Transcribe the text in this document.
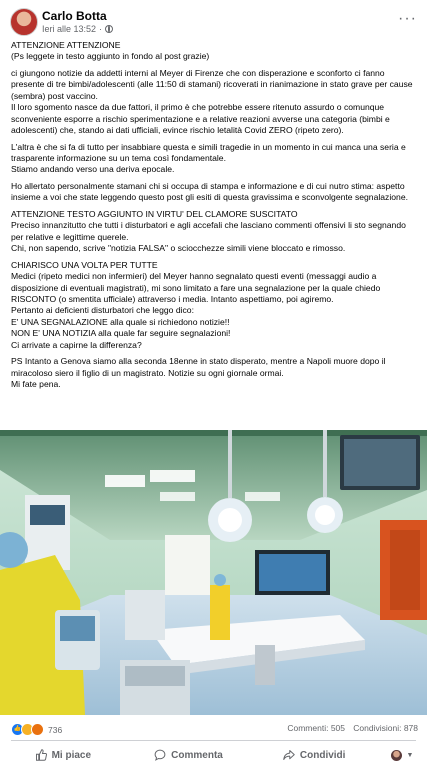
Carlo Botta
Ieri alle 13:52 ·
···

ATTENZIONE ATTENZIONE
(Ps leggete in testo aggiunto in fondo al post grazie)

ci giungono notizie da addetti interni al Meyer di Firenze che con disperazione e sconforto ci fanno presente di tre bimbi/adolescenti (alle 11:50 di stamani) ricoverati in rianimazione in stato grave per cause (sembra) post vaccino.
Il loro sgomento nasce da due fattori, il primo è che potrebbe essere ritenuto assurdo o comunque sconveniente esporre a rischio sperimentazione e a relative reazioni avverse una categoria (bimbi e adolescenti) che, stando ai dati ufficiali, evince rischio letalità Covid ZERO (ripeto zero).

L'altra è che si fa di tutto per insabbiare questa e simili tragedie in un momento in cui manca una seria e trasparente informazione su un tema così fondamentale.
Stiamo andando verso una deriva epocale.

Ho allertato personalmente stamani chi si occupa di stampa e informazione e di cui nutro stima: aspetto insieme a voi che state leggendo questo post gli esiti di questa gravissima e sconvolgente segnalazione.

ATTENZIONE TESTO AGGIUNTO IN VIRTU' DEL CLAMORE SUSCITATO
Preciso innanzitutto che tutti i disturbatori e agli accefali che lasciano commenti offensivi li sto segnando per relative e legittime querele.
Chi, non sapendo, scrive "notizia FALSA" o sciocchezze simili viene bloccato e rimosso.

CHIARISCO UNA VOLTA PER TUTTE
Medici (ripeto medici non infermieri) del Meyer hanno segnalato questi eventi (messaggi audio a disposizione di eventuali magistrati), mi sono limitato a fare una segnalazione per la quale chiedo RISCONTO (o smentita ufficiale) attraverso i media. Intanto aspettiamo, poi agiremo.
Pertanto ai deficienti disturbatori che leggo dico:
E' UNA SEGNALAZIONE alla quale si richiedono notizie!!
NON E' UNA NOTIZIA alla quale far seguire segnalazioni!
Ci arrivate a capirne la differenza?

PS Intanto a Genova siamo alla seconda 18enne in stato disperato, mentre a Napoli muore dopo il miracoloso siero il figlio di un magistrato. Notizie su ogni giornale ormai.
Mi fate pena.

👍
736	Commenti: 505 Condivisioni: 878
Mi piace	Commenta	Condividi	▼
